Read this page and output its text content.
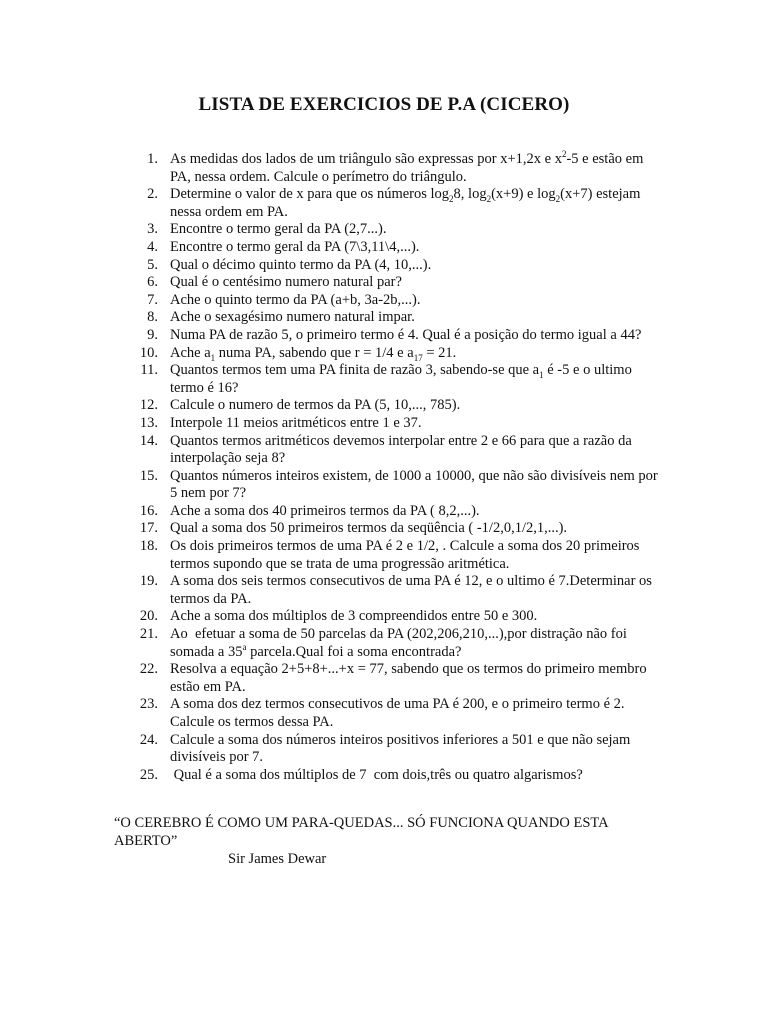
LISTA DE EXERCICIOS DE P.A (CICERO)
1. As medidas dos lados de um triângulo são expressas por x+1,2x e $x^2-5$ e estão em PA, nessa ordem. Calcule o perímetro do triângulo.
2. Determine o valor de x para que os números $\log_28$, $\log_2(x+9)$ e $\log_2(x+7)$ estejam nessa ordem em PA.
3. Encontre o termo geral da PA (2,7...).
4. Encontre o termo geral da PA (7\3,11\4,...).
5. Qual o décimo quinto termo da PA (4, 10,...).
6. Qual é o centésimo numero natural par?
7. Ache o quinto termo da PA (a+b, 3a-2b,...).
8. Ache o sexagésimo numero natural impar.
9. Numa PA de razão 5, o primeiro termo é 4. Qual é a posição do termo igual a 44?
10. Ache $a_1$ numa PA, sabendo que r = 1/4 e $a_{17} = 21$.
11. Quantos termos tem uma PA finita de razão 3, sabendo-se que $a_1$ é -5 e o ultimo termo é 16?
12. Calcule o numero de termos da PA (5, 10,..., 785).
13. Interpole 11 meios aritméticos entre 1 e 37.
14. Quantos termos aritméticos devemos interpolar entre 2 e 66 para que a razão da interpolação seja 8?
15. Quantos números inteiros existem, de 1000 a 10000, que não são divisíveis nem por 5 nem por 7?
16. Ache a soma dos 40 primeiros termos da PA ( 8,2,...).
17. Qual a soma dos 50 primeiros termos da seqüência ( -1/2,0,1/2,1,...).
18. Os dois primeiros termos de uma PA é 2 e 1/2, . Calcule a soma dos 20 primeiros termos supondo que se trata de uma progressão aritmética.
19. A soma dos seis termos consecutivos de uma PA é 12, e o ultimo é 7.Determinar os termos da PA.
20. Ache a soma dos múltiplos de 3 compreendidos entre 50 e 300.
21. Ao  efetuar a soma de 50 parcelas da PA (202,206,210,...),por distração não foi somada a 35$^a$ parcela.Qual foi a soma encontrada?
22. Resolva a equação 2+5+8+...+x = 77, sabendo que os termos do primeiro membro estão em PA.
23. A soma dos dez termos consecutivos de uma PA é 200, e o primeiro termo é 2. Calcule os termos dessa PA.
24. Calcule a soma dos números inteiros positivos inferiores a 501 e que não sejam divisíveis por 7.
25. Qual é a soma dos múltiplos de 7  com dois,três ou quatro algarismos?
“O CEREBRO É COMO UM PARA-QUEDAS... SÓ FUNCIONA QUANDO ESTA ABERTO”
Sir James Dewar
